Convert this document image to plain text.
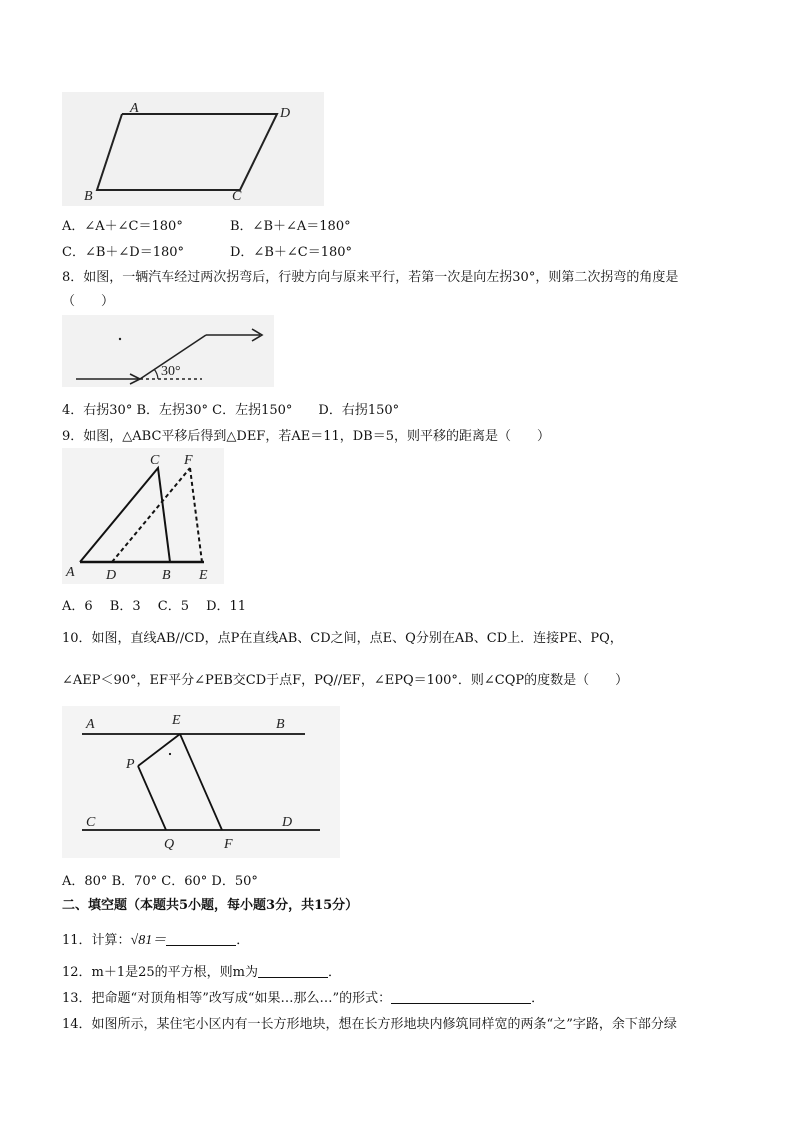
A	D
B	C
A．∠A＋∠C＝180°	B．∠B＋∠A＝180°
C．∠B＋∠D＝180°	D．∠B＋∠C＝180°
8．如图，一辆汽车经过两次拐弯后，行驶方向与原来平行，若第一次是向左拐30°，则第二次拐弯的角度是
（　　）
30°
4．右拐30° B．左拐30° C．左拐150°　　D．右拐150°
9．如图，△ABC平移后得到△DEF，若AE＝11，DB＝5，则平移的距离是（　　）
C F
A D	B E
A．6　 B．3　 C．5　 D．11
10．如图，直线AB//CD，点P在直线AB、CD之间，点E、Q分别在AB、CD上．连接PE、PQ，
∠AEP＜90°，EF平分∠PEB交CD于点F，PQ//EF，∠EPQ＝100°．则∠CQP的度数是（　　）
A	E	B
P
C	D
Q	F
A．80° B．70° C．60° D．50°
二、填空题（本题共5小题，每小题3分，共15分）
11．计算：√81＝	．
12．m＋1是25的平方根，则m为	．
13．把命题“对顶角相等”改写成“如果…那么…”的形式：	．
14．如图所示，某住宅小区内有一长方形地块，想在长方形地块内修筑同样宽的两条“之”字路，余下部分绿
